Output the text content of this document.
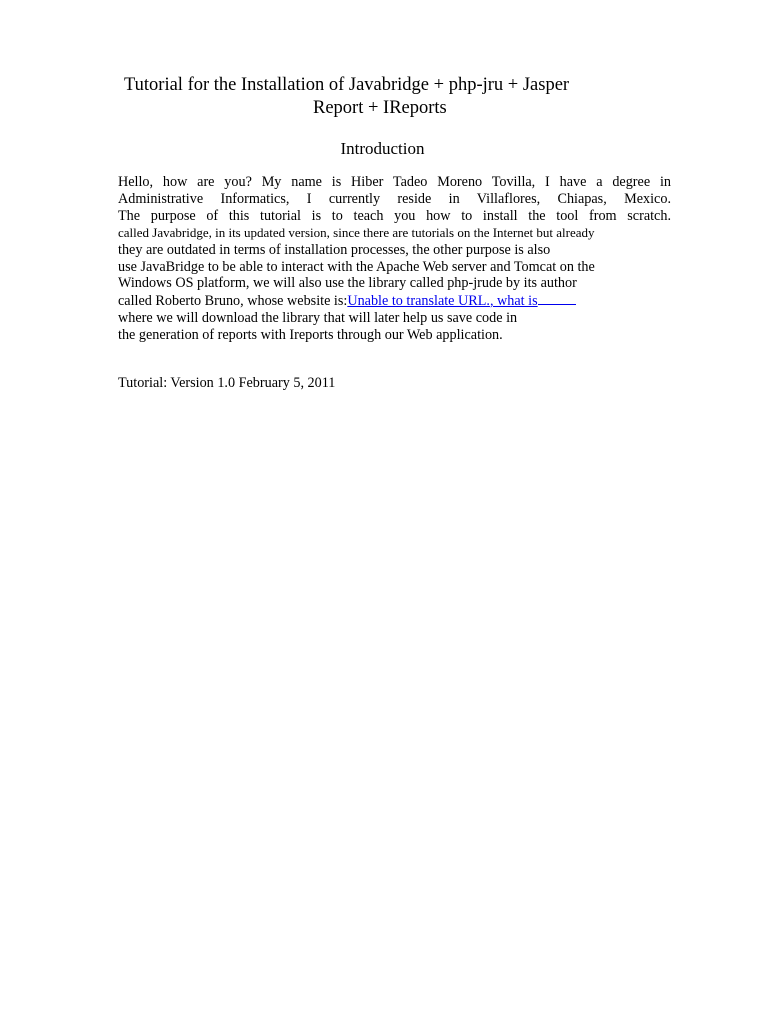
Tutorial for the Installation of Javabridge + php-jru + Jasper
Report + IReports
Introduction
Hello, how are you? My name is Hiber Tadeo Moreno Tovilla, I have a degree in
Administrative Informatics, I currently reside in Villaflores, Chiapas, Mexico.
The purpose of this tutorial is to teach you how to install the tool from scratch.
called Javabridge, in its updated version, since there are tutorials on the Internet but already
they are outdated in terms of installation processes, the other purpose is also
use JavaBridge to be able to interact with the Apache Web server and Tomcat on the
Windows OS platform, we will also use the library called php-jrude by its author
called Roberto Bruno, whose website is:Unable to translate URL., what is
where we will download the library that will later help us save code in
the generation of reports with Ireports through our Web application.
Tutorial: Version 1.0 February 5, 2011
